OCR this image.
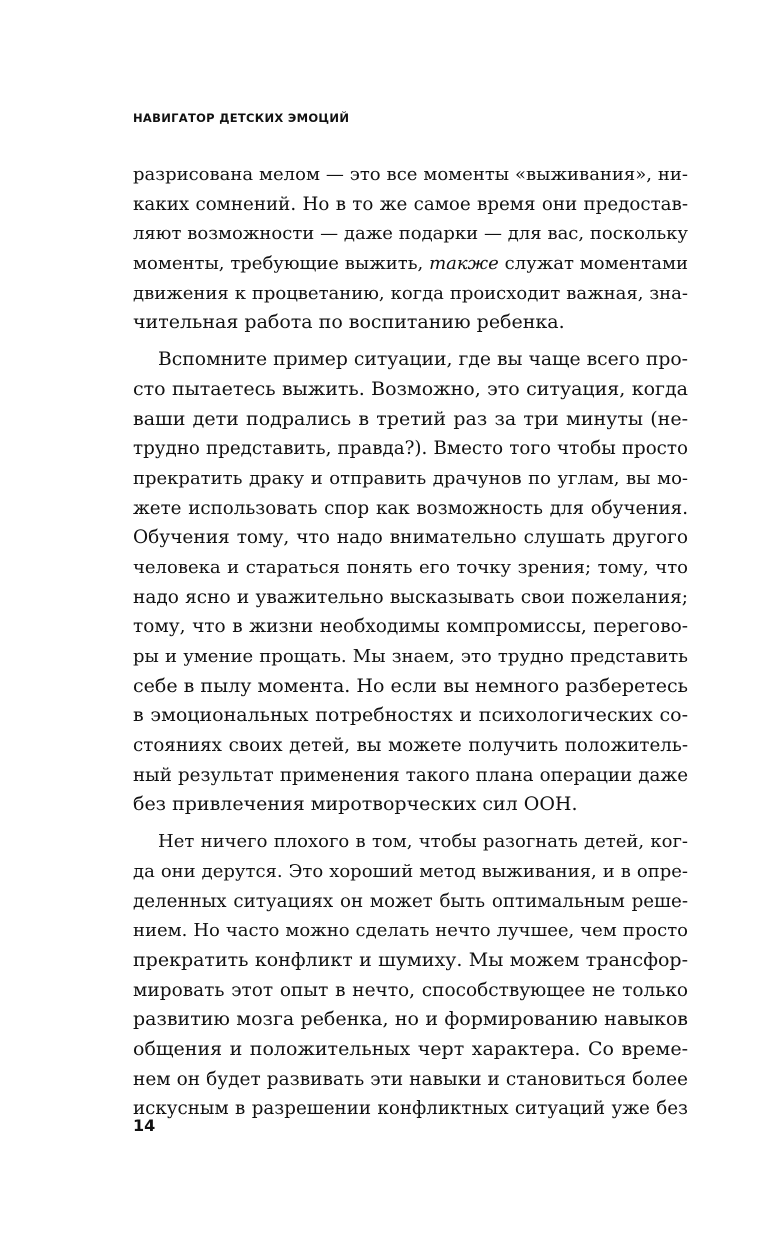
НАВИГАТОР ДЕТСКИХ ЭМОЦИЙ
разрисована мелом — это все моменты «выживания», ни-
каких сомнений. Но в то же самое время они предостав-
ляют возможности — даже подарки — для вас, поскольку
моменты, требующие выжить, также служат моментами
движения к процветанию, когда происходит важная, зна-
чительная работа по воспитанию ребенка.
Вспомните пример ситуации, где вы чаще всего про-
сто пытаетесь выжить. Возможно, это ситуация, когда
ваши дети подрались в третий раз за три минуты (не-
трудно представить, правда?). Вместо того чтобы просто
прекратить драку и отправить драчунов по углам, вы мо-
жете использовать спор как возможность для обучения.
Обучения тому, что надо внимательно слушать другого
человека и стараться понять его точку зрения; тому, что
надо ясно и уважительно высказывать свои пожелания;
тому, что в жизни необходимы компромиссы, перегово-
ры и умение прощать. Мы знаем, это трудно представить
себе в пылу момента. Но если вы немного разберетесь
в эмоциональных потребностях и психологических со-
стояниях своих детей, вы можете получить положитель-
ный результат применения такого плана операции даже
без привлечения миротворческих сил ООН.
Нет ничего плохого в том, чтобы разогнать детей, ког-
да они дерутся. Это хороший метод выживания, и в опре-
деленных ситуациях он может быть оптимальным реше-
нием. Но часто можно сделать нечто лучшее, чем просто
прекратить конфликт и шумиху. Мы можем трансфор-
мировать этот опыт в нечто, способствующее не только
развитию мозга ребенка, но и формированию навыков
общения и положительных черт характера. Со време-
нем он будет развивать эти навыки и становиться более
искусным в разрешении конфликтных ситуаций уже без
14
